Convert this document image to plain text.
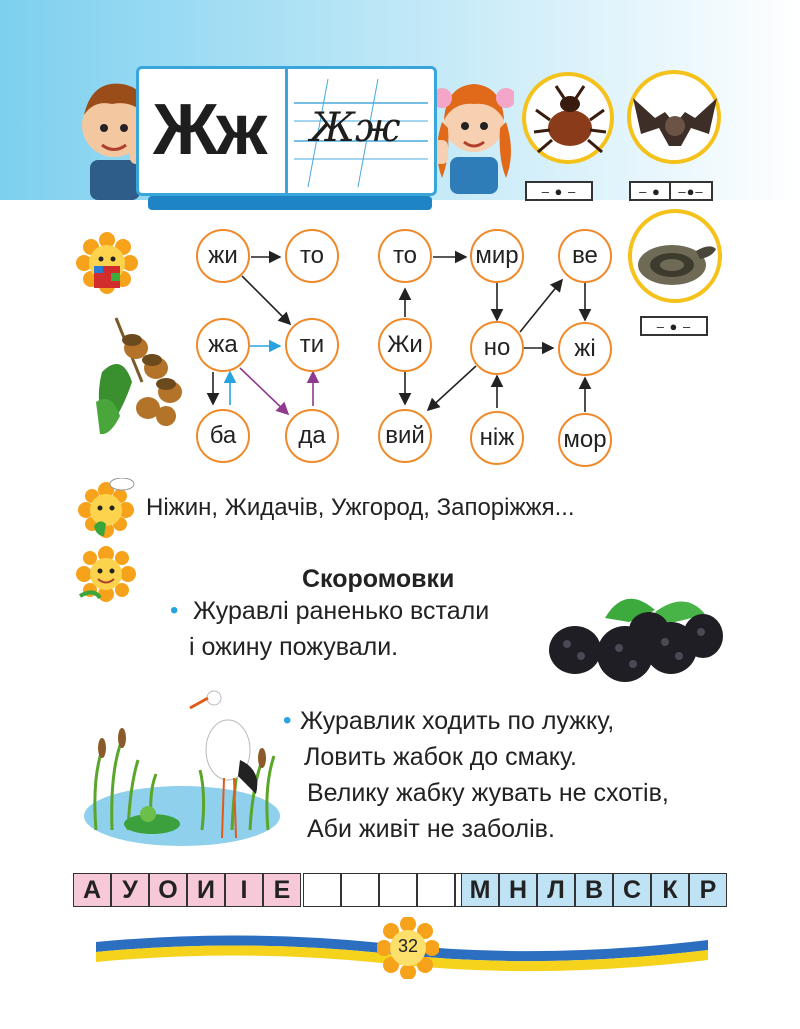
Жж Жж
– ● –	– ●	–●–
– ● –
жи	то
жа	ти
ба	да
то	мир	ве
Жи	но	жі
вий	ніж	мор
Ніжин, Жидачів, Ужгород, Запоріжжя...
Скоромовки
• Журавлі раненько встали
і ожину пожували.
• Журавлик ходить по лужку,
Ловить жабок до смаку.
Велику жабку жувать не схотів,
Аби живіт не заболів.
А У О И	І	Е	М Н Л В С К Р
32
